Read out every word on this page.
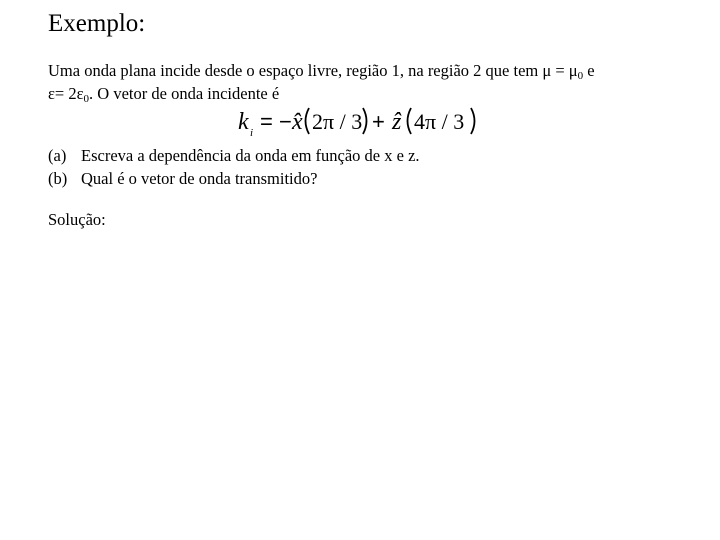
Exemplo:
Uma onda plana incide desde o espaço livre, região 1, na região 2 que tem $\mu = \mu_0$ e
$\varepsilon= 2\varepsilon_0$. O vetor de onda incidente é
k i = − x̂ 2π / 3 + ẑ 4π / 3
(a) Escreva a dependência da onda em função de x e z.
(b) Qual é o vetor de onda transmitido?
Solução:
